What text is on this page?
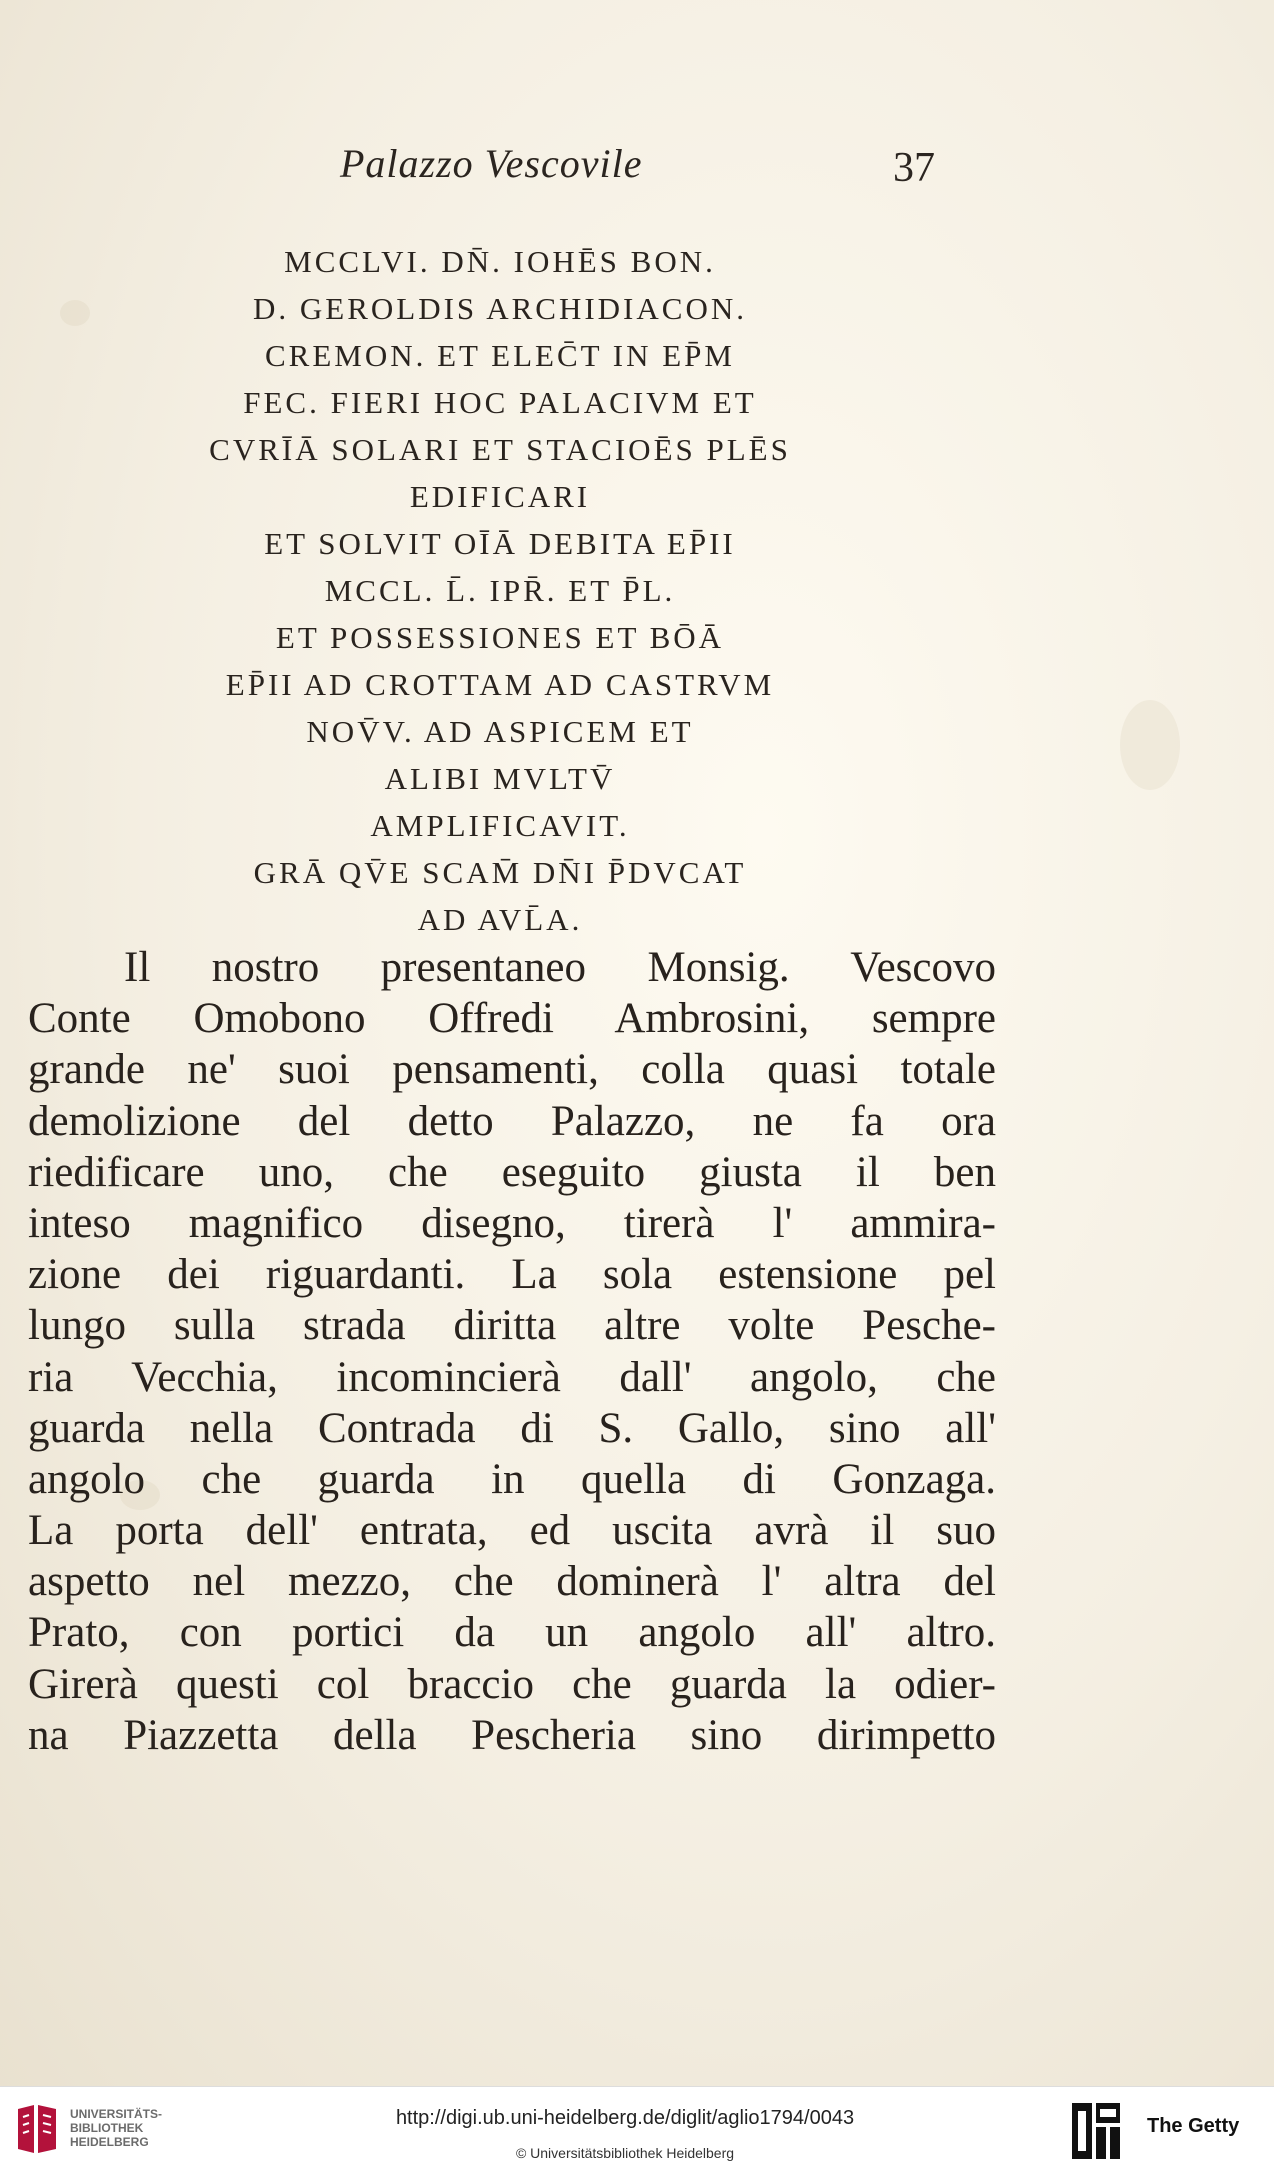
Palazzo Vescovile	37
MCCLVI. DN̄. IOHĒS BON.
D. GEROLDIS ARCHIDIACON.
CREMON. ET ELEC̄T IN EP̄M
FEC. FIERI HOC PALACIVM ET
CVRĪĀ SOLARI ET STACIOĒS PLĒS
EDIFICARI
ET SOLVIT OĪĀ DEBITA EP̄II
MCCL. L̄. IPR̄. ET P̄L.
ET POSSESSIONES ET BŌĀ
EP̄II AD CROTTAM AD CASTRVM
NOV̄V. AD ASPICEM ET
ALIBI MVLTV̄
AMPLIFICAVIT.
GRĀ QV̄E SCAM̄ DN̄I P̄DVCAT
AD AVL̄A.
Il nostro presentaneo Monsig. Vescovo
Conte Omobono Offredi Ambrosini, sempre
grande ne' suoi pensamenti, colla quasi totale
demolizione del detto Palazzo, ne fa ora
riedificare uno, che eseguito giusta il ben
inteso magnifico disegno, tirerà l' ammira-
zione dei riguardanti. La sola estensione pel
lungo sulla strada diritta altre volte Pesche-
ria Vecchia, incomincierà dall' angolo, che
guarda nella Contrada di S. Gallo, sino all'
angolo che guarda in quella di Gonzaga.
La porta dell' entrata, ed uscita avrà il suo
aspetto nel mezzo, che dominerà l' altra del
Prato, con portici da un angolo all' altro.
Girerà questi col braccio che guarda la odier-
na Piazzetta della Pescheria sino dirimpetto
UNIVERSITÄTS-
BIBLIOTHEK
HEIDELBERG
http://digi.ub.uni-heidelberg.de/diglit/aglio1794/0043
© Universitätsbibliothek Heidelberg
The Getty
